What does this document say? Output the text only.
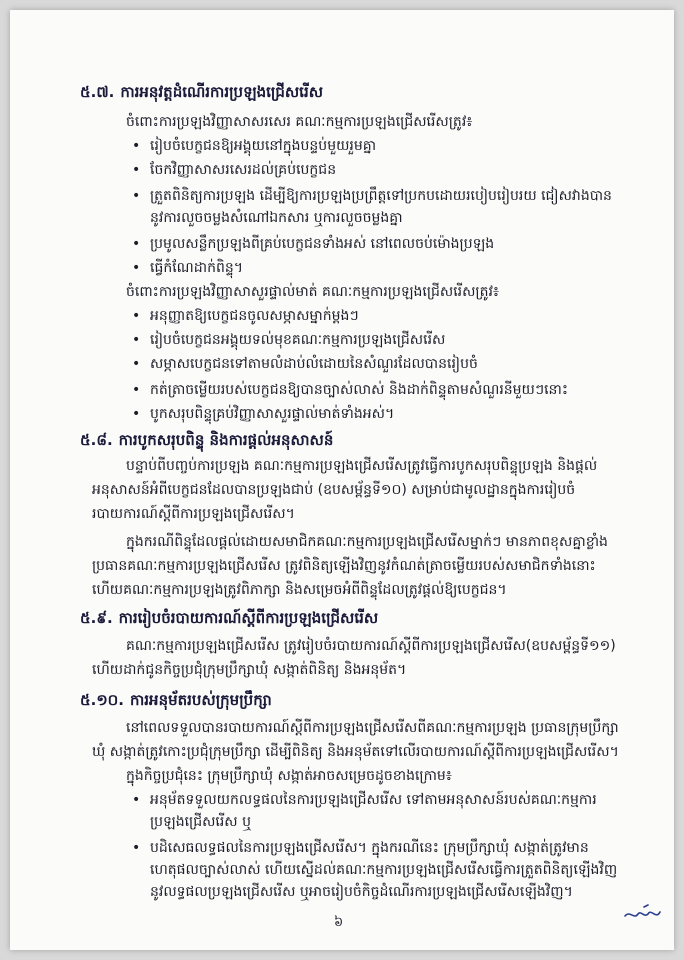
៥.៧. ការអនុវត្តដំណើរការប្រឡងជ្រើសរើស
ចំពោះការប្រឡងវិញ្ញាសាសរសេរ គណៈកម្មការប្រឡងជ្រើសរើសត្រូវ៖
• រៀបចំបេក្ខជនឱ្យអង្គុយនៅក្នុងបន្ទប់មួយរួមគ្នា
• ចែកវិញ្ញាសាសរសេរដល់គ្រប់បេក្ខជន
• ត្រួតពិនិត្យការប្រឡង ដើម្បីឱ្យការប្រឡងប្រព្រឹត្តទៅប្រកបដោយរបៀបរៀបរយ ជៀសវាងបាន
នូវការលួចចម្លងសំណៅឯកសារ ឬការលួចចម្លងគ្នា
• ប្រមូលសន្លឹកប្រឡងពីគ្រប់បេក្ខជនទាំងអស់ នៅពេលចប់ម៉ោងប្រឡង
• ធ្វើកំណែដាក់ពិន្ទុ។
ចំពោះការប្រឡងវិញ្ញាសាសួរផ្ទាល់មាត់ គណៈកម្មការប្រឡងជ្រើសរើសត្រូវ៖
• អនុញ្ញាតឱ្យបេក្ខជនចូលសម្ភាសម្នាក់ម្តងៗ
• រៀបចំបេក្ខជនអង្គុយទល់មុខគណៈកម្មការប្រឡងជ្រើសរើស
• សម្ភាសបេក្ខជនទៅតាមលំដាប់លំដោយនៃសំណួរដែលបានរៀបចំ
• កត់ត្រាចម្លើយរបស់បេក្ខជនឱ្យបានច្បាស់លាស់ និងដាក់ពិន្ទុតាមសំណួរនីមួយៗនោះ
• បូកសរុបពិន្ទុគ្រប់វិញ្ញាសាសួរផ្ទាល់មាត់ទាំងអស់។
៥.៨. ការបូកសរុបពិន្ទុ និងការផ្តល់អនុសាសន៍
បន្ទាប់ពីបញ្ចប់ការប្រឡង គណៈកម្មការប្រឡងជ្រើសរើសត្រូវធ្វើការបូកសរុបពិន្ទុប្រឡង និងផ្តល់
អនុសាសន៍អំពីបេក្ខជនដែលបានប្រឡងជាប់ (ឧបសម្ព័ន្ធទី១០) សម្រាប់ជាមូលដ្ឋានក្នុងការរៀបចំ
របាយការណ៍ស្តីពីការប្រឡងជ្រើសរើស។
ក្នុងករណីពិន្ទុដែលផ្តល់ដោយសមាជិកគណៈកម្មការប្រឡងជ្រើសរើសម្នាក់ៗ មានភាពខុសគ្នាខ្លាំង
ប្រធានគណៈកម្មការប្រឡងជ្រើសរើស ត្រូវពិនិត្យឡើងវិញនូវកំណត់ត្រាចម្លើយរបស់សមាជិកទាំងនោះ
ហើយគណៈកម្មការប្រឡងត្រូវពិភាក្សា និងសម្រេចអំពីពិន្ទុដែលត្រូវផ្តល់ឱ្យបេក្ខជន។
៥.៩. ការរៀបចំរបាយការណ៍ស្តីពីការប្រឡងជ្រើសរើស
គណៈកម្មការប្រឡងជ្រើសរើស ត្រូវរៀបចំរបាយការណ៍ស្តីពីការប្រឡងជ្រើសរើស(ឧបសម្ព័ន្ធទី១១)
ហើយដាក់ជូនកិច្ចប្រជុំក្រុមប្រឹក្សាឃុំ សង្កាត់ពិនិត្យ និងអនុម័ត។
៥.១០. ការអនុម័តរបស់ក្រុមប្រឹក្សា
នៅពេលទទួលបានរបាយការណ៍ស្តីពីការប្រឡងជ្រើសរើសពីគណៈកម្មការប្រឡង ប្រធានក្រុមប្រឹក្សា
ឃុំ សង្កាត់ត្រូវកោះប្រជុំក្រុមប្រឹក្សា ដើម្បីពិនិត្យ និងអនុម័តទៅលើរបាយការណ៍ស្តីពីការប្រឡងជ្រើសរើស។
ក្នុងកិច្ចប្រជុំនេះ ក្រុមប្រឹក្សាឃុំ សង្កាត់អាចសម្រេចដូចខាងក្រោម៖
• អនុម័តទទួលយកលទ្ធផលនៃការប្រឡងជ្រើសរើស ទៅតាមអនុសាសន៍របស់គណៈកម្មការ
ប្រឡងជ្រើសរើស ឬ
• បដិសេធលទ្ធផលនៃការប្រឡងជ្រើសរើស។ ក្នុងករណីនេះ ក្រុមប្រឹក្សាឃុំ សង្កាត់ត្រូវមាន
ហេតុផលច្បាស់លាស់ ហើយស្នើដល់គណៈកម្មការប្រឡងជ្រើសរើសធ្វើការត្រួតពិនិត្យឡើងវិញ
នូវលទ្ធផលប្រឡងជ្រើសរើស ឬអាចរៀបចំកិច្ចដំណើរការប្រឡងជ្រើសរើសឡើងវិញ។
៦
